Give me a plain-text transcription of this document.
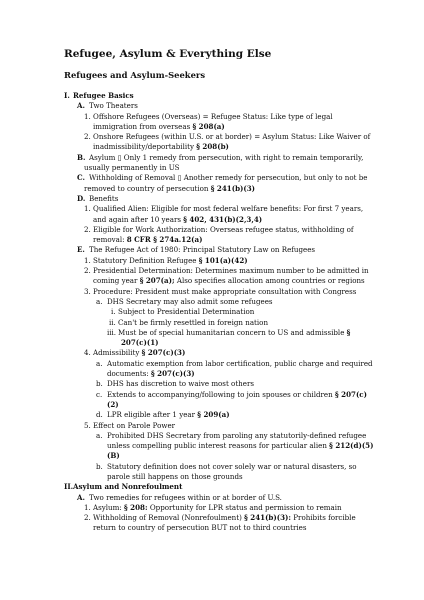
Refugee, Asylum & Everything Else
Refugees and Asylum-Seekers
I. Refugee Basics
A. Two Theaters
1. Offshore Refugees (Overseas) = Refugee Status: Like type of legal
immigration from overseas § 208(a)
2. Onshore Refugees (within U.S. or at border) = Asylum Status: Like Waiver of
inadmissibility/deportability § 208(b)
B. Asylum ▯ Only 1 remedy from persecution, with right to remain temporarily,
usually permanently in US
C. Withholding of Removal ▯ Another remedy for persecution, but only to not be
removed to country of persecution § 241(b)(3)
D. Benefits
1. Qualified Alien: Eligible for most federal welfare benefits: For first 7 years,
and again after 10 years § 402, 431(b)(2,3,4)
2. Eligible for Work Authorization: Overseas refugee status, withholding of
removal: 8 CFR § 274a.12(a)
E. The Refugee Act of 1980: Principal Statutory Law on Refugees
1. Statutory Definition Refugee § 101(a)(42)
2. Presidential Determination: Determines maximum number to be admitted in
coming year § 207(a); Also specifies allocation among countries or regions
3. Procedure: President must make appropriate consultation with Congress
a. DHS Secretary may also admit some refugees
i. Subject to Presidential Determination
ii. Can't be firmly resettled in foreign nation
iii. Must be of special humanitarian concern to US and admissible §
207(c)(1)
4. Admissibility § 207(c)(3)
a. Automatic exemption from labor certification, public charge and required
documents: § 207(c)(3)
b. DHS has discretion to waive most others
c. Extends to accompanying/following to join spouses or children § 207(c)
(2)
d. LPR eligible after 1 year § 209(a)
5. Effect on Parole Power
a. Prohibited DHS Secretary from paroling any statutorily-defined refugee
unless compelling public interest reasons for particular alien § 212(d)(5)
(B)
b. Statutory definition does not cover solely war or natural disasters, so
parole still happens on those grounds
II. Asylum and Nonrefoulment
A. Two remedies for refugees within or at border of U.S.
1. Asylum: § 208: Opportunity for LPR status and permission to remain
2. Withholding of Removal (Nonrefoulment) § 241(b)(3): Prohibits forcible
return to country of persecution BUT not to third countries
